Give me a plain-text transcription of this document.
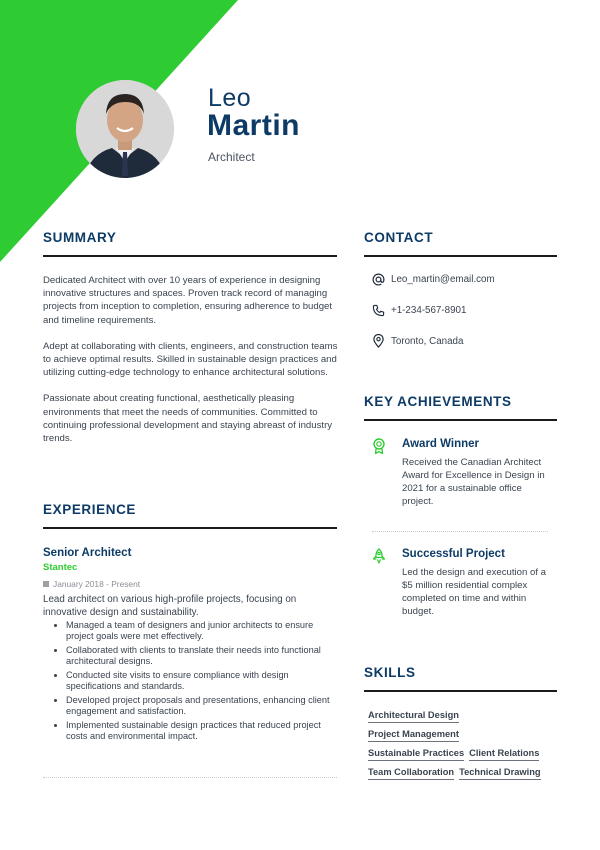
Leo
Martin
Architect
SUMMARY

Dedicated Architect with over 10 years of experience in designing innovative structures and spaces. Proven track record of managing projects from inception to completion, ensuring adherence to budget and timeline requirements.

Adept at collaborating with clients, engineers, and construction teams to achieve optimal results. Skilled in sustainable design practices and utilizing cutting-edge technology to enhance architectural solutions.

Passionate about creating functional, aesthetically pleasing environments that meet the needs of communities. Committed to continuing professional development and staying abreast of industry trends.

EXPERIENCE
Senior Architect
Stantec
January 2018 - Present
Lead architect on various high-profile projects, focusing on innovative design and sustainability.
• Managed a team of designers and junior architects to ensure project goals were met effectively.
• Collaborated with clients to translate their needs into functional architectural designs.
• Conducted site visits to ensure compliance with design specifications and standards.
• Developed project proposals and presentations, enhancing client engagement and satisfaction.
• Implemented sustainable design practices that reduced project costs and environmental impact.
CONTACT
Leo_martin@email.com
+1-234-567-8901
Toronto, Canada
KEY ACHIEVEMENTS
Award Winner
Received the Canadian Architect Award for Excellence in Design in 2021 for a sustainable office project.
Successful Project
Led the design and execution of a $5 million residential complex completed on time and within budget.
SKILLS
Architectural Design
Project Management
Sustainable Practices Client Relations
Team Collaboration Technical Drawing
